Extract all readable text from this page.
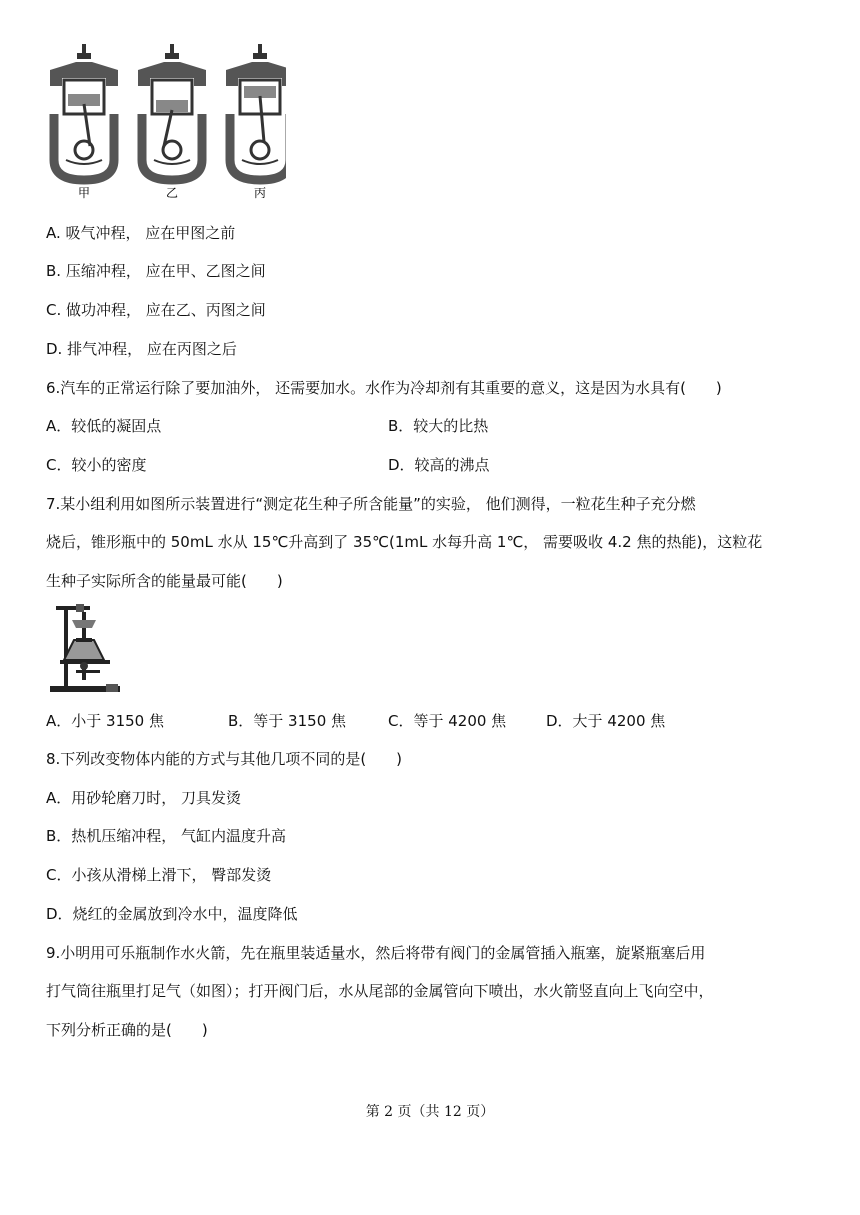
甲	乙	丙
A. 吸气冲程， 应在甲图之前
B. 压缩冲程， 应在甲、乙图之间
C. 做功冲程， 应在乙、丙图之间
D. 排气冲程， 应在丙图之后
6.汽车的正常运行除了要加油外， 还需要加水。水作为冷却剂有其重要的意义，这是因为水具有(　　)
A．较低的凝固点	B．较大的比热
C．较小的密度	D．较高的沸点
7.某小组利用如图所示装置进行“测定花生种子所含能量”的实验， 他们测得，一粒花生种子充分燃
烧后，锥形瓶中的 50mL 水从 15℃升高到了 35℃(1mL 水每升高 1℃， 需要吸收 4.2 焦的热能)，这粒花
生种子实际所含的能量最可能(　　)
A．小于 3150 焦	B．等于 3150 焦	C．等于 4200 焦	D．大于 4200 焦
8.下列改变物体内能的方式与其他几项不同的是(　　)
A．用砂轮磨刀时， 刀具发烫
B．热机压缩冲程， 气缸内温度升高
C．小孩从滑梯上滑下， 臀部发烫
D．烧红的金属放到冷水中，温度降低
9.小明用可乐瓶制作水火箭，先在瓶里装适量水，然后将带有阀门的金属管插入瓶塞，旋紧瓶塞后用
打气筒往瓶里打足气（如图）；打开阀门后，水从尾部的金属管向下喷出，水火箭竖直向上飞向空中，
下列分析正确的是(　　)
第 2 页（共 12 页）
